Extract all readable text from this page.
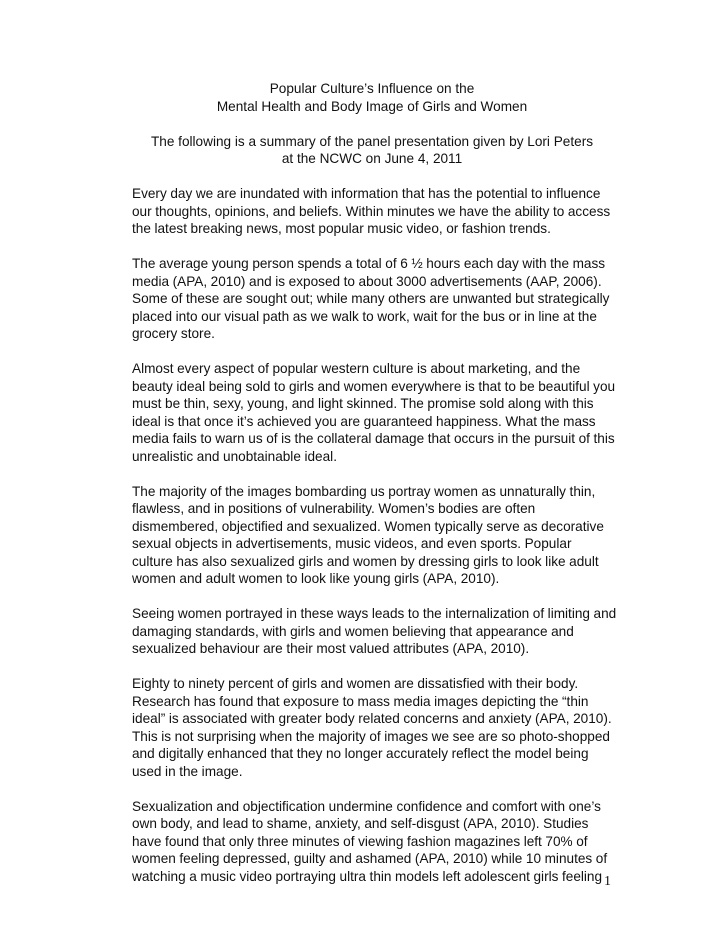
Popular Culture’s Influence on the
Mental Health and Body Image of Girls and Women
The following is a summary of the panel presentation given by Lori Peters
at the NCWC on June 4, 2011

Every day we are inundated with information that has the potential to influence
our thoughts, opinions, and beliefs. Within minutes we have the ability to access
the latest breaking news, most popular music video, or fashion trends.

The average young person spends a total of 6 ½ hours each day with the mass
media (APA, 2010) and is exposed to about 3000 advertisements (AAP, 2006).
Some of these are sought out; while many others are unwanted but strategically
placed into our visual path as we walk to work, wait for the bus or in line at the
grocery store.

Almost every aspect of popular western culture is about marketing, and the
beauty ideal being sold to girls and women everywhere is that to be beautiful you
must be thin, sexy, young, and light skinned. The promise sold along with this
ideal is that once it’s achieved you are guaranteed happiness. What the mass
media fails to warn us of is the collateral damage that occurs in the pursuit of this
unrealistic and unobtainable ideal.

The majority of the images bombarding us portray women as unnaturally thin,
flawless, and in positions of vulnerability. Women’s bodies are often
dismembered, objectified and sexualized. Women typically serve as decorative
sexual objects in advertisements, music videos, and even sports. Popular
culture has also sexualized girls and women by dressing girls to look like adult
women and adult women to look like young girls (APA, 2010).

Seeing women portrayed in these ways leads to the internalization of limiting and
damaging standards, with girls and women believing that appearance and
sexualized behaviour are their most valued attributes (APA, 2010).

Eighty to ninety percent of girls and women are dissatisfied with their body.
Research has found that exposure to mass media images depicting the “thin
ideal” is associated with greater body related concerns and anxiety (APA, 2010).
This is not surprising when the majority of images we see are so photo-shopped
and digitally enhanced that they no longer accurately reflect the model being
used in the image.

Sexualization and objectification undermine confidence and comfort with one’s
own body, and lead to shame, anxiety, and self-disgust (APA, 2010). Studies
have found that only three minutes of viewing fashion magazines left 70% of
women feeling depressed, guilty and ashamed (APA, 2010) while 10 minutes of
watching a music video portraying ultra thin models left adolescent girls feeling 1
